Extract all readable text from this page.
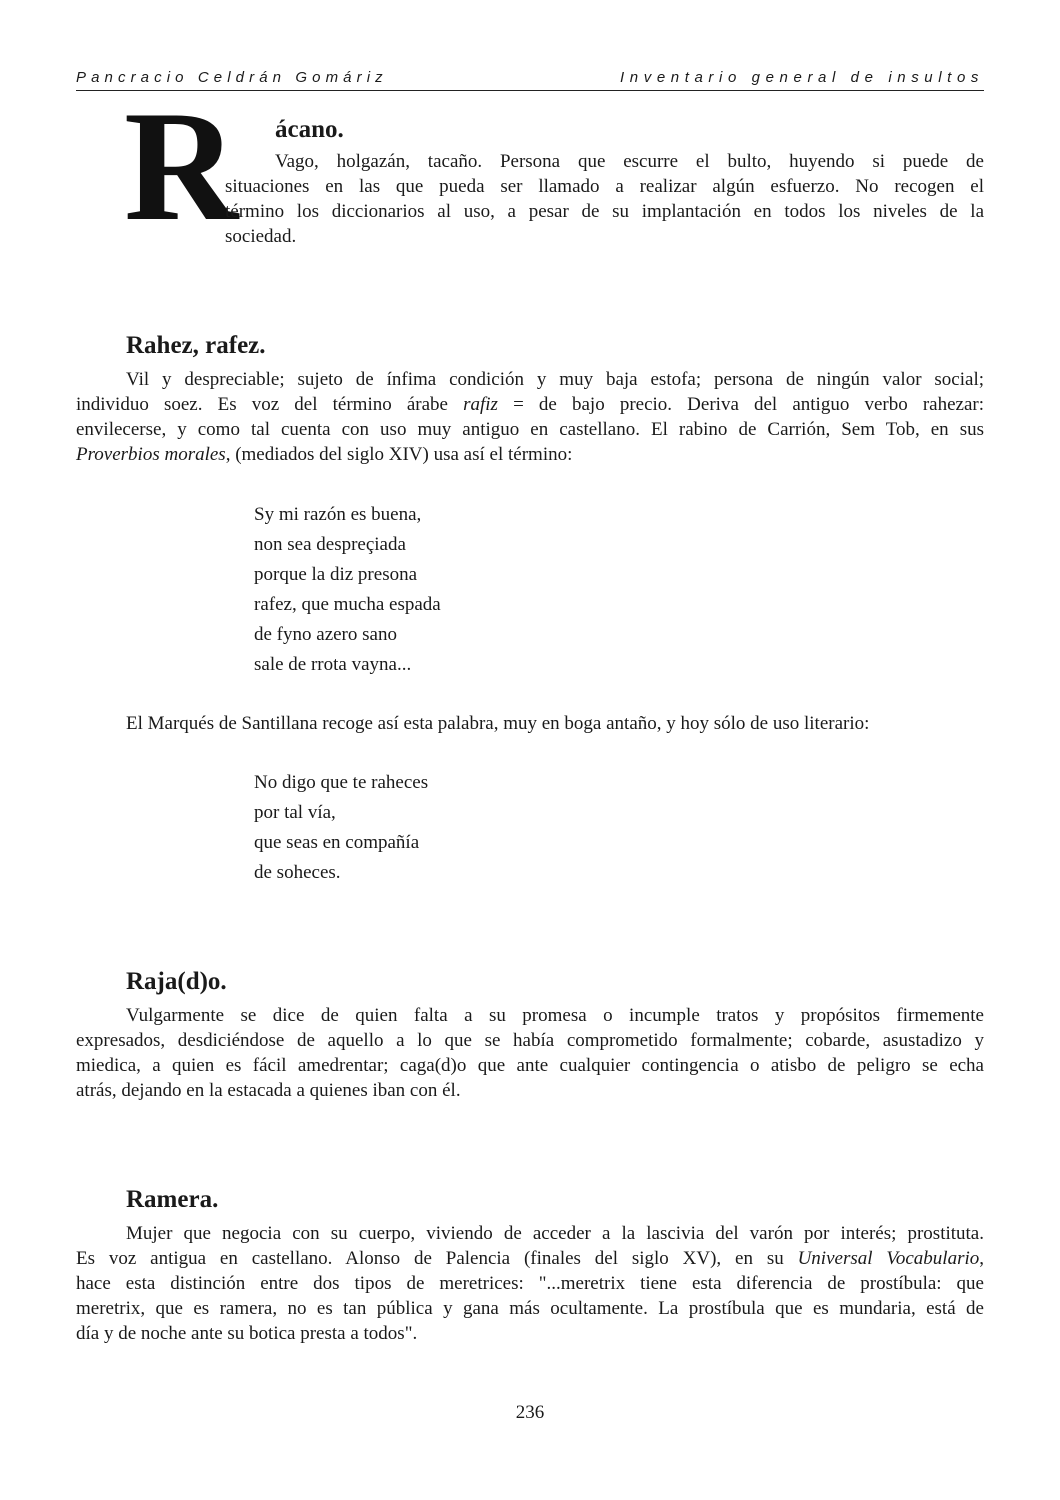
Pancracio Celdrán Gomáriz	Inventario general de insultos
R ácano.
Vago, holgazán, tacaño. Persona que escurre el bulto, huyendo si puede de
situaciones en las que pueda ser llamado a realizar algún esfuerzo. No recogen el
término los diccionarios al uso, a pesar de su implantación en todos los niveles de la
sociedad.
Rahez, rafez.
Vil y despreciable; sujeto de ínfima condición y muy baja estofa; persona de ningún valor social;
individuo soez. Es voz del término árabe rafiz = de bajo precio. Deriva del antiguo verbo rahezar:
envilecerse, y como tal cuenta con uso muy antiguo en castellano. El rabino de Carrión, Sem Tob, en sus
Proverbios morales, (mediados del siglo XIV) usa así el término:
Sy mi razón es buena,
non sea despreçiada
porque la diz presona
rafez, que mucha espada
de fyno azero sano
sale de rrota vayna...
El Marqués de Santillana recoge así esta palabra, muy en boga antaño, y hoy sólo de uso literario:
No digo que te raheces
por tal vía,
que seas en compañía
de soheces.
Raja(d)o.
Vulgarmente se dice de quien falta a su promesa o incumple tratos y propósitos firmemente
expresados, desdiciéndose de aquello a lo que se había comprometido formalmente; cobarde, asustadizo y
miedica, a quien es fácil amedrentar; caga(d)o que ante cualquier contingencia o atisbo de peligro se echa
atrás, dejando en la estacada a quienes iban con él.
Ramera.
Mujer que negocia con su cuerpo, viviendo de acceder a la lascivia del varón por interés; prostituta.
Es voz antigua en castellano. Alonso de Palencia (finales del siglo XV), en su Universal Vocabulario,
hace esta distinción entre dos tipos de meretrices: "...meretrix tiene esta diferencia de prostíbula: que
meretrix, que es ramera, no es tan pública y gana más ocultamente. La prostíbula que es mundaria, está de
día y de noche ante su botica presta a todos".
236
